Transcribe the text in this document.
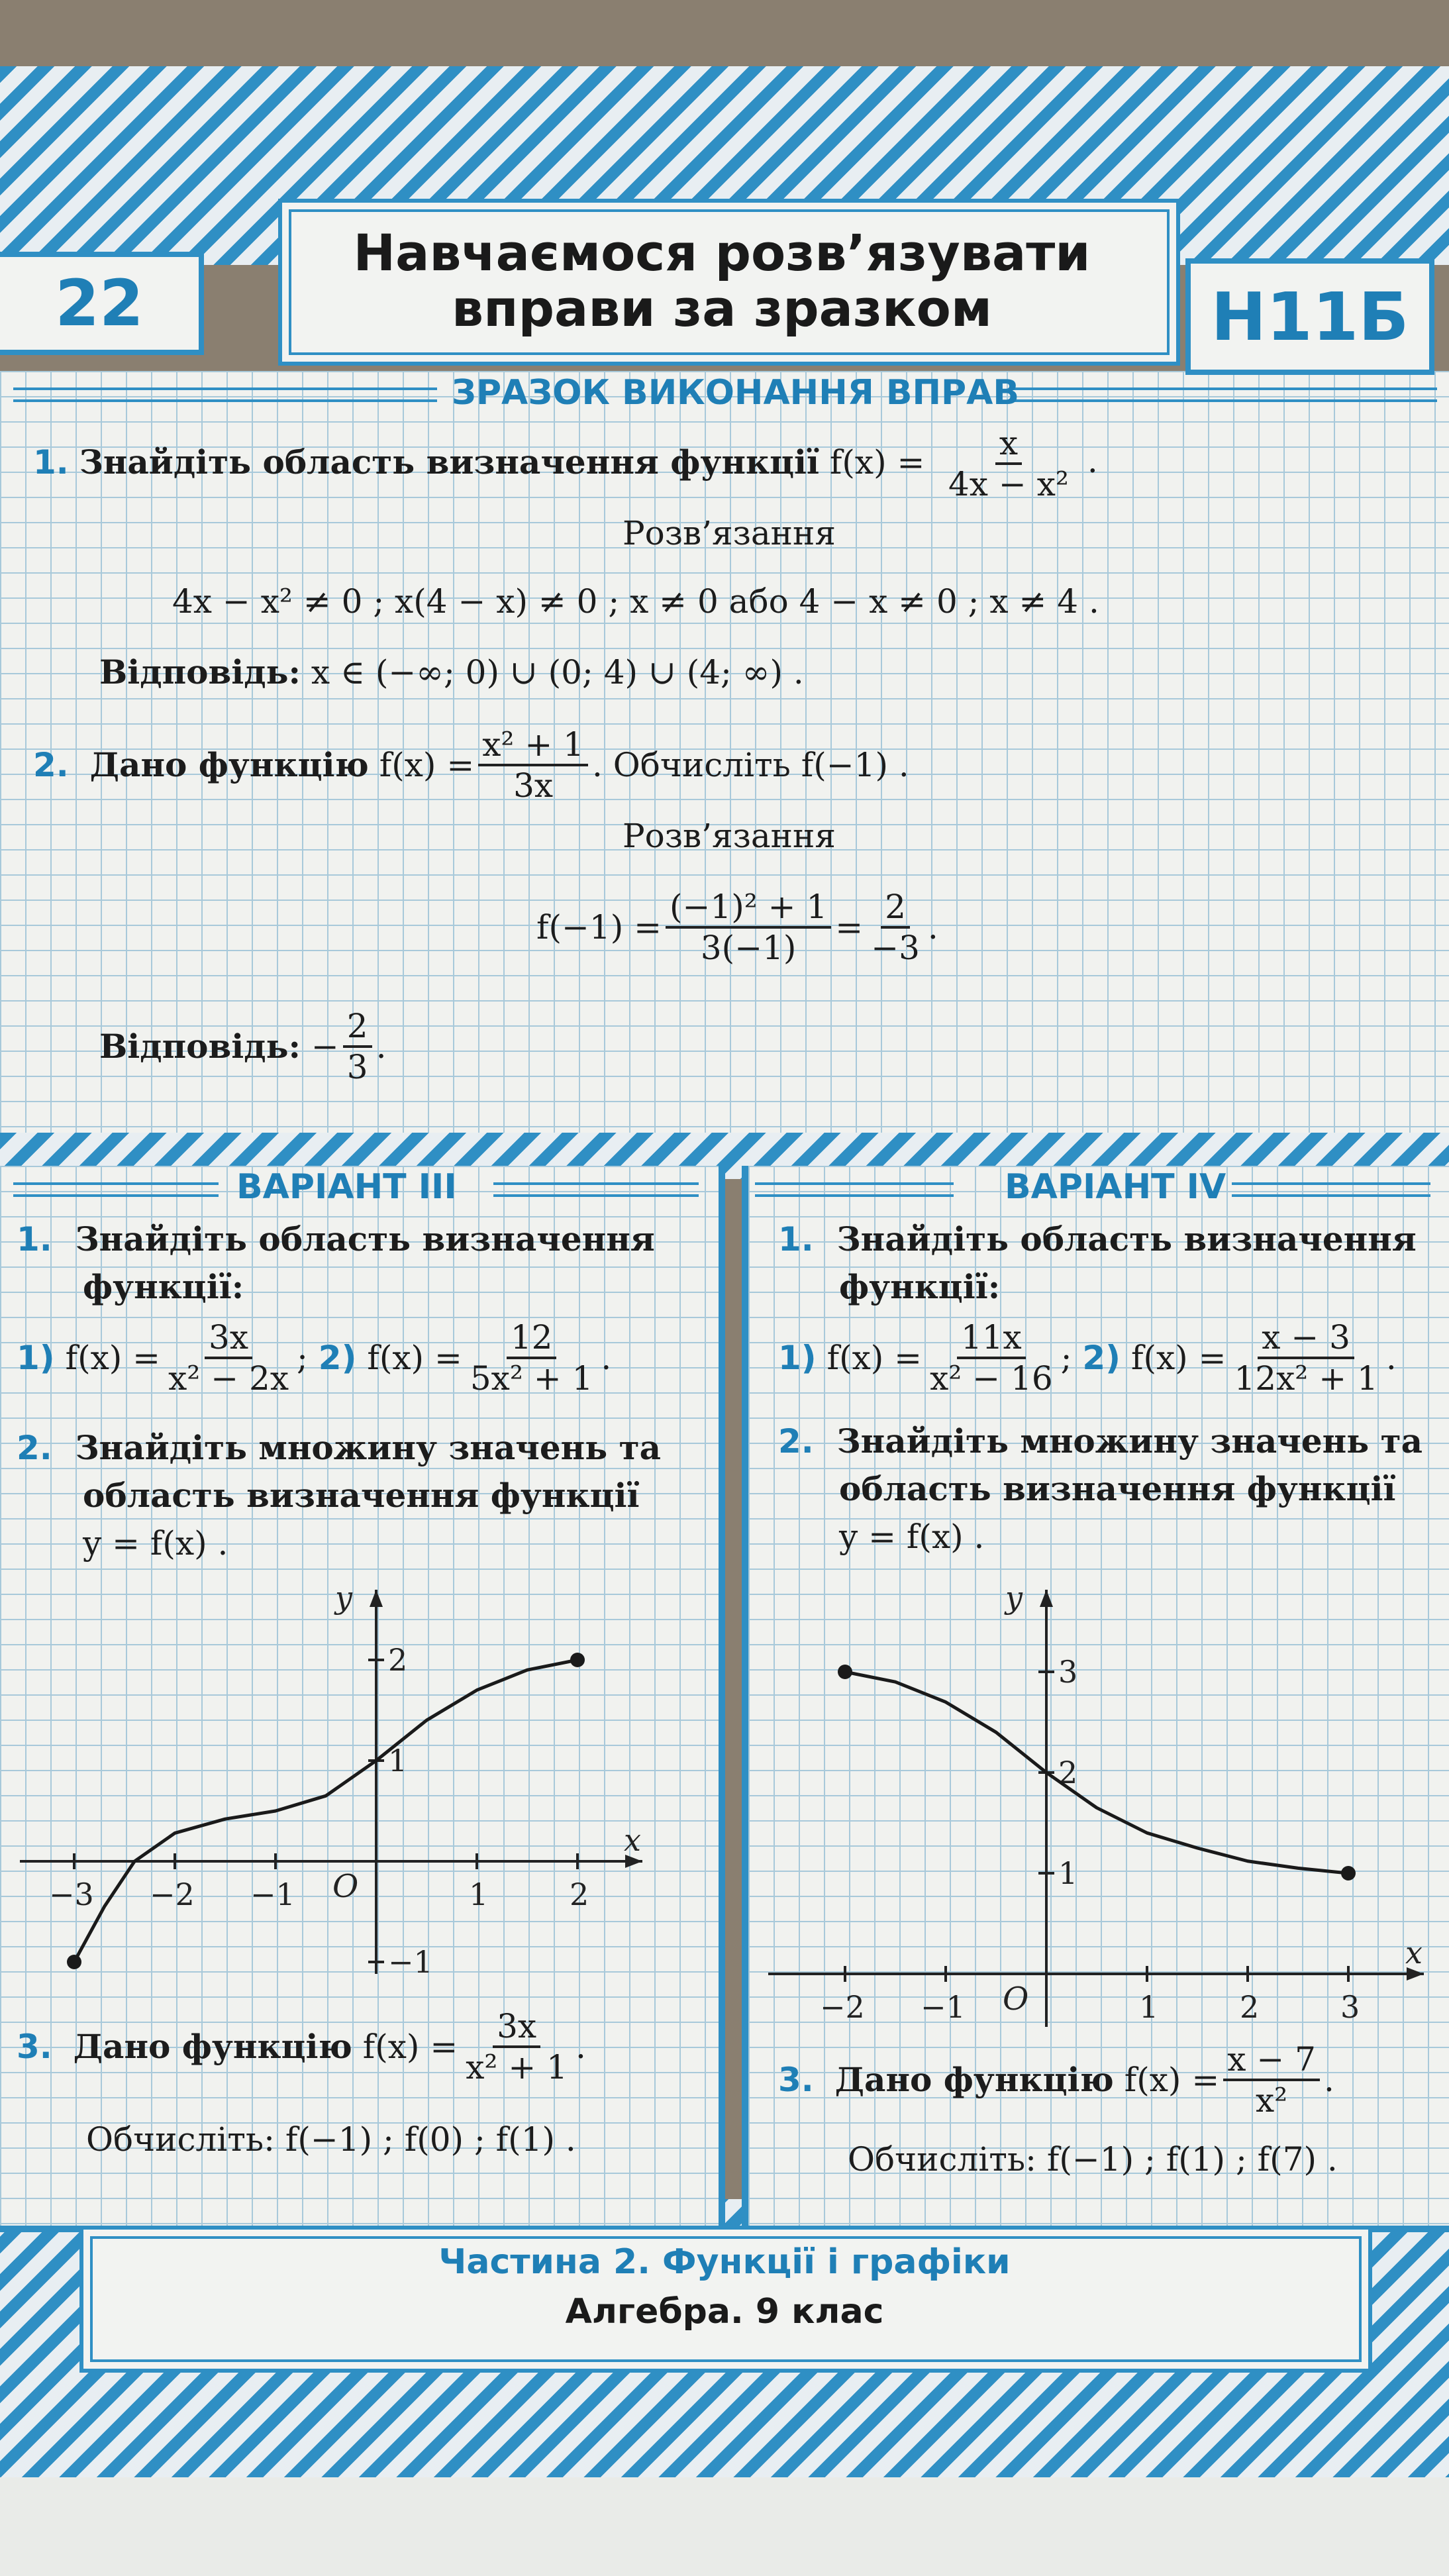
Навчаємося розв’язувати
вправи за зразком
22	Н11Б
ЗРАЗОК ВИКОНАННЯ ВПРАВ
1. Знайдіть область визначення функції $f(x) = \frac{x}{\text{4x − x²}}$ .
Розв’язання
4x − x² ≠ 0 ; x(4 − x) ≠ 0 ; x ≠ 0 або 4 − x ≠ 0 ; x ≠ 4 .
Відповідь: x ∈ (−∞; 0) ∪ (0; 4) ∪ (4; ∞) .
2.
Дано функцію
$f(x) = \frac{\text{x² + 1}}{3x}$ . Обчисліть f(−1) .
Розв’язання
$f(-1) = \frac{\text{(−1)² + 1}}{3(-1)} = \frac{2}{-3}$ .
Відповідь:
− $\frac{2}{3}$ .
ВАРІАНТ III
1. Знайдіть область визначення
функції:
1)
$f(x) = \frac{3x}{\text{x² − 2x}}$ ;
2)
$f(x) = \frac{12}{\text{5x² + 1}}$ .
2. Знайдіть множину значень та
область визначення функції
y = f(x) .
x
y
O
−3 −2 −1	1	2
2
1
−1
3.
Дано функцію
$f(x) = \frac{3x}{\text{x² + 1}}$ .
Обчисліть: f(−1) ; f(0) ; f(1) .
ВАРІАНТ IV
1. Знайдіть область визначення
функції:
1)
$f(x) = \frac{11x}{\text{x² − 16}}$ ;
2)
$f(x) = \frac{x - 3}{\text{12x² + 1}}$ .
2. Знайдіть множину значень та
область визначення функції
y = f(x) .
x
y
O
−2 −1	1	2	3
3
2
1
3.
Дано функцію
$f(x) = \frac{x - 7}{\text{x²}}$ .
Обчисліть: f(−1) ; f(1) ; f(7) .
Частина 2. Функції і графіки
Алгебра. 9 клас
